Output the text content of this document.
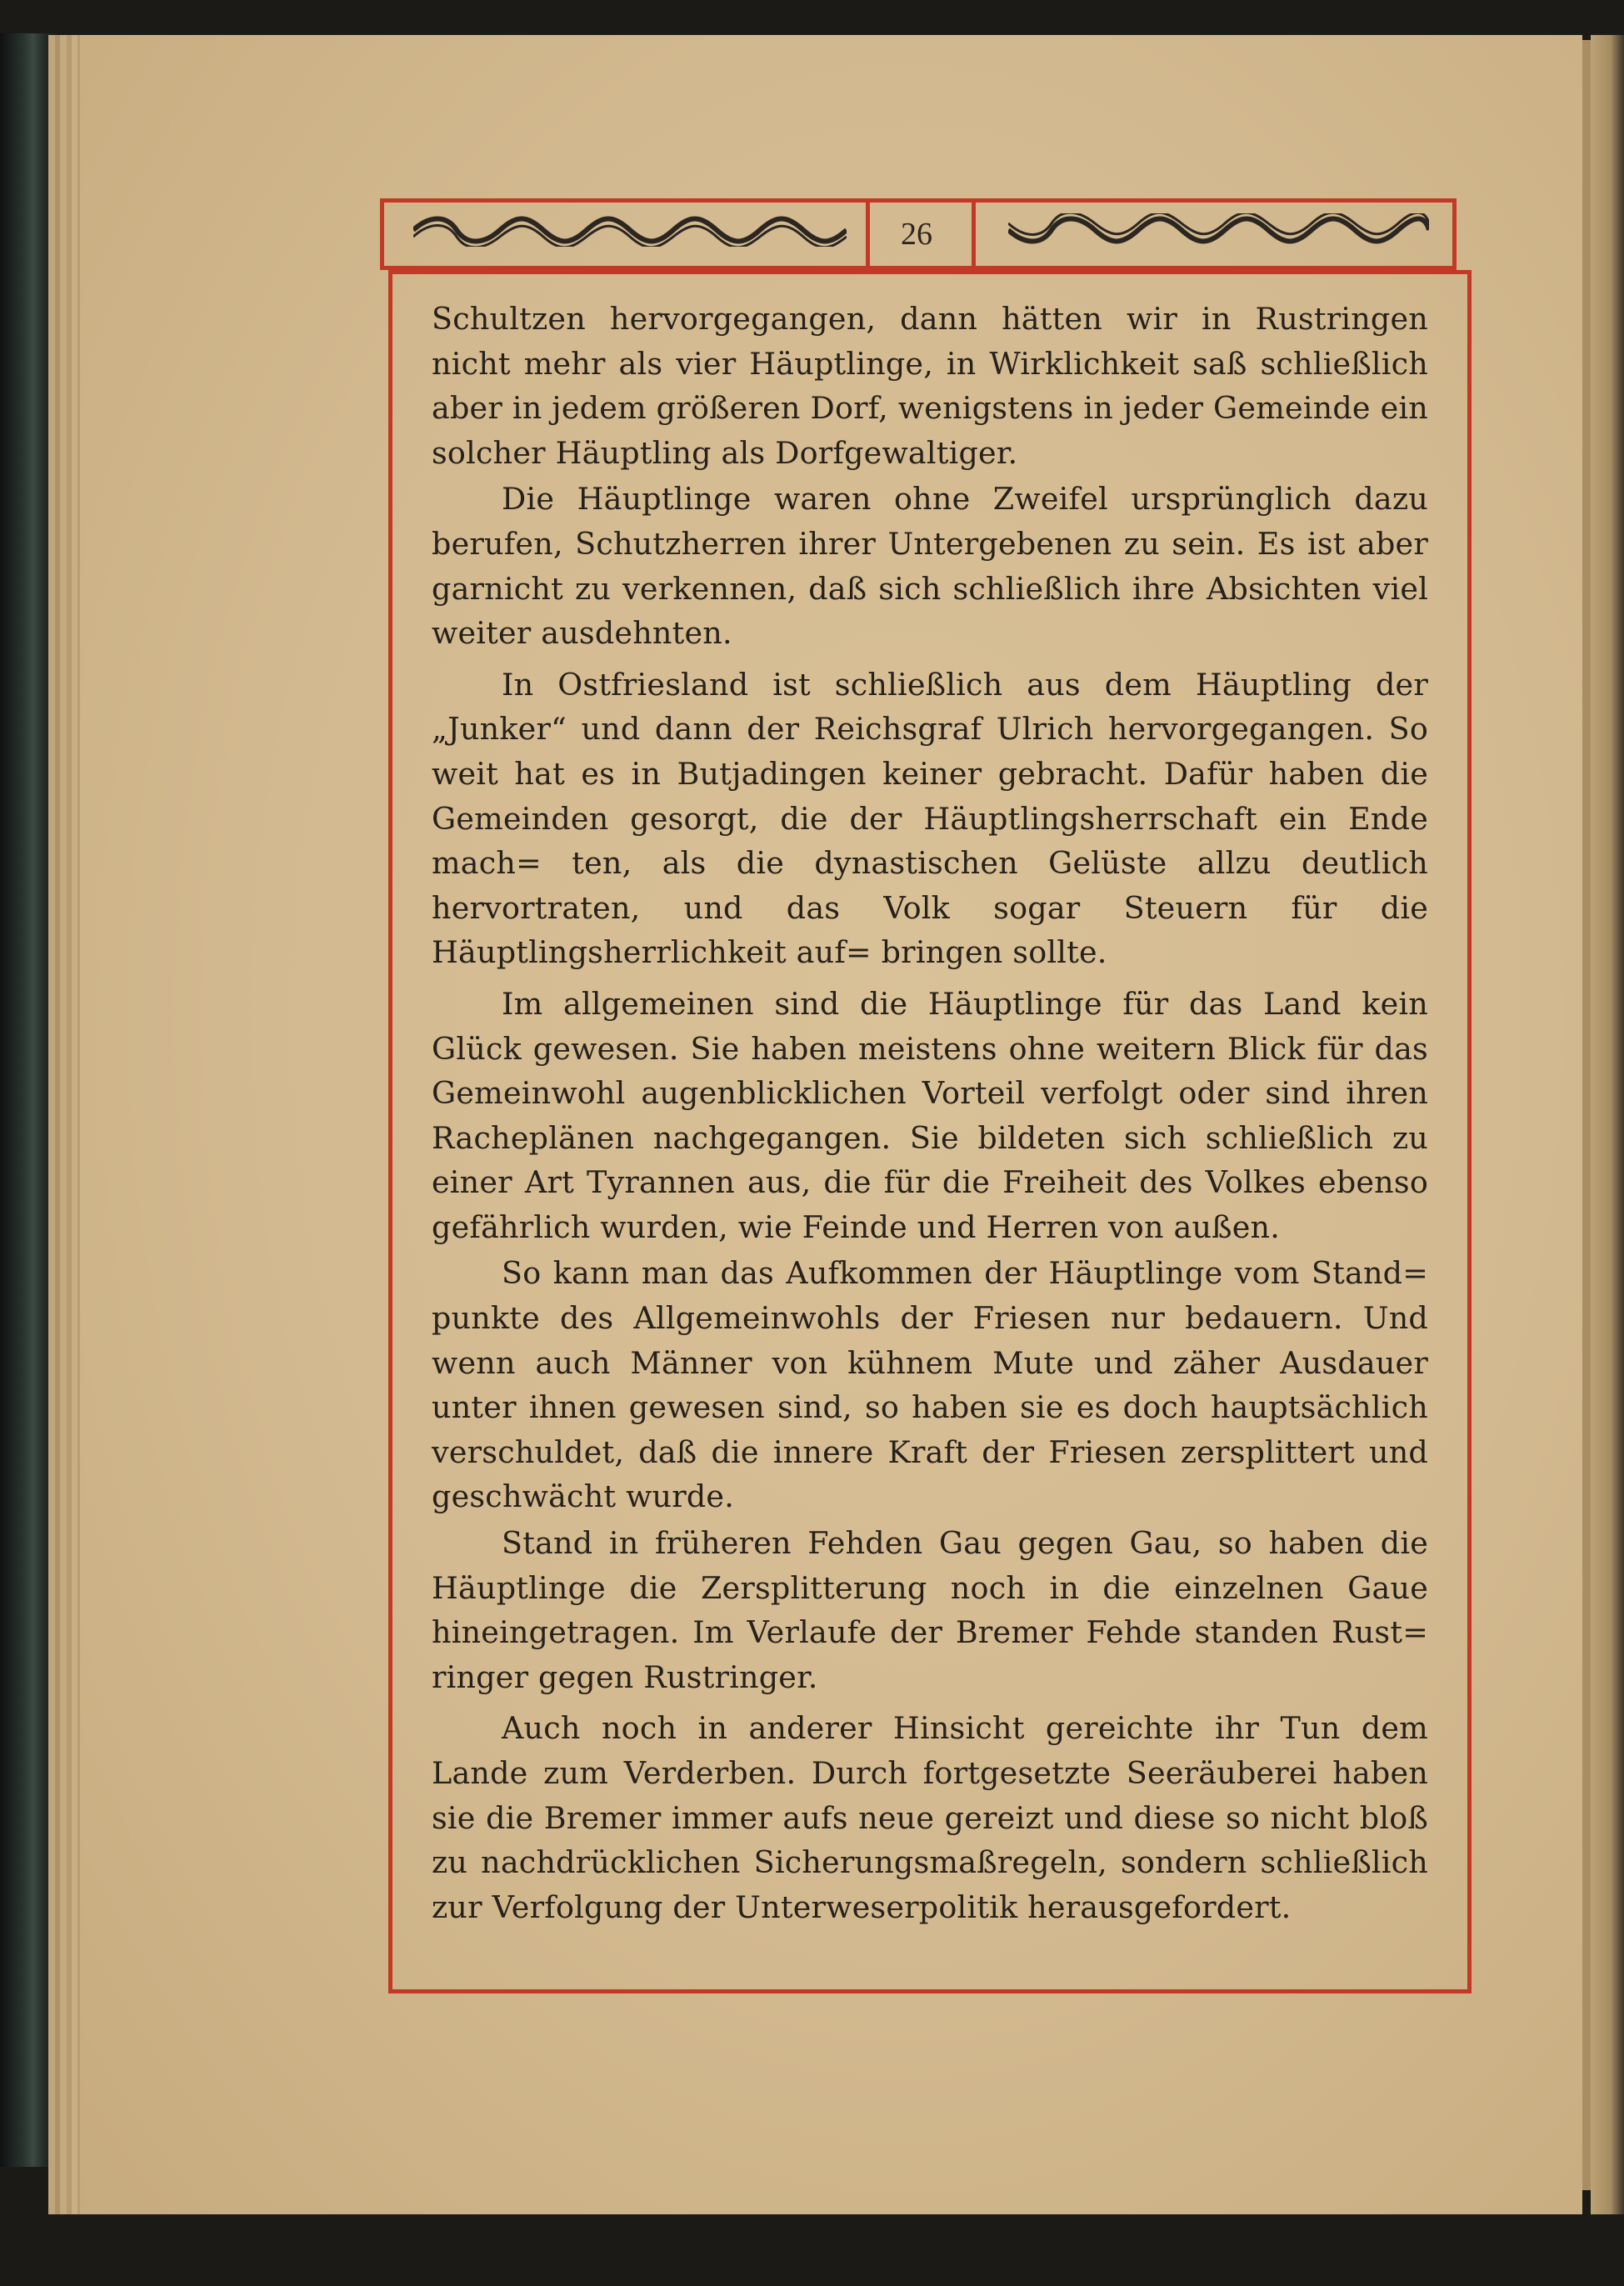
26

Schultzen hervorgegangen, dann hätten wir in Rustringen nicht mehr als vier Häuptlinge, in Wirklichkeit saß schließlich aber in jedem größeren Dorf, wenigstens in jeder Gemeinde ein solcher Häuptling als Dorfgewaltiger.

Die Häuptlinge waren ohne Zweifel ursprünglich dazu berufen, Schutzherren ihrer Untergebenen zu sein. Es ist aber garnicht zu verkennen, daß sich schließlich ihre Absichten viel weiter ausdehnten.

In Ostfriesland ist schließlich aus dem Häuptling der „Junker“ und dann der Reichsgraf Ulrich hervorgegangen. So weit hat es in Butjadingen keiner gebracht. Dafür haben die Gemeinden gesorgt, die der Häuptlingsherrschaft ein Ende mach= ten, als die dynastischen Gelüste allzu deutlich hervortraten, und das Volk sogar Steuern für die Häuptlingsherrlichkeit auf= bringen sollte.

Im allgemeinen sind die Häuptlinge für das Land kein Glück gewesen. Sie haben meistens ohne weitern Blick für das Gemeinwohl augenblicklichen Vorteil verfolgt oder sind ihren Racheplänen nachgegangen. Sie bildeten sich schließlich zu einer Art Tyrannen aus, die für die Freiheit des Volkes ebenso gefährlich wurden, wie Feinde und Herren von außen.

So kann man das Aufkommen der Häuptlinge vom Stand= punkte des Allgemeinwohls der Friesen nur bedauern. Und wenn auch Männer von kühnem Mute und zäher Ausdauer unter ihnen gewesen sind, so haben sie es doch hauptsächlich verschuldet, daß die innere Kraft der Friesen zersplittert und geschwächt wurde.

Stand in früheren Fehden Gau gegen Gau, so haben die Häuptlinge die Zersplitterung noch in die einzelnen Gaue hineingetragen. Im Verlaufe der Bremer Fehde standen Rust= ringer gegen Rustringer.

Auch noch in anderer Hinsicht gereichte ihr Tun dem Lande zum Verderben. Durch fortgesetzte Seeräuberei haben sie die Bremer immer aufs neue gereizt und diese so nicht bloß zu nachdrücklichen Sicherungsmaßregeln, sondern schließlich zur Verfolgung der Unterweserpolitik herausgefordert.
